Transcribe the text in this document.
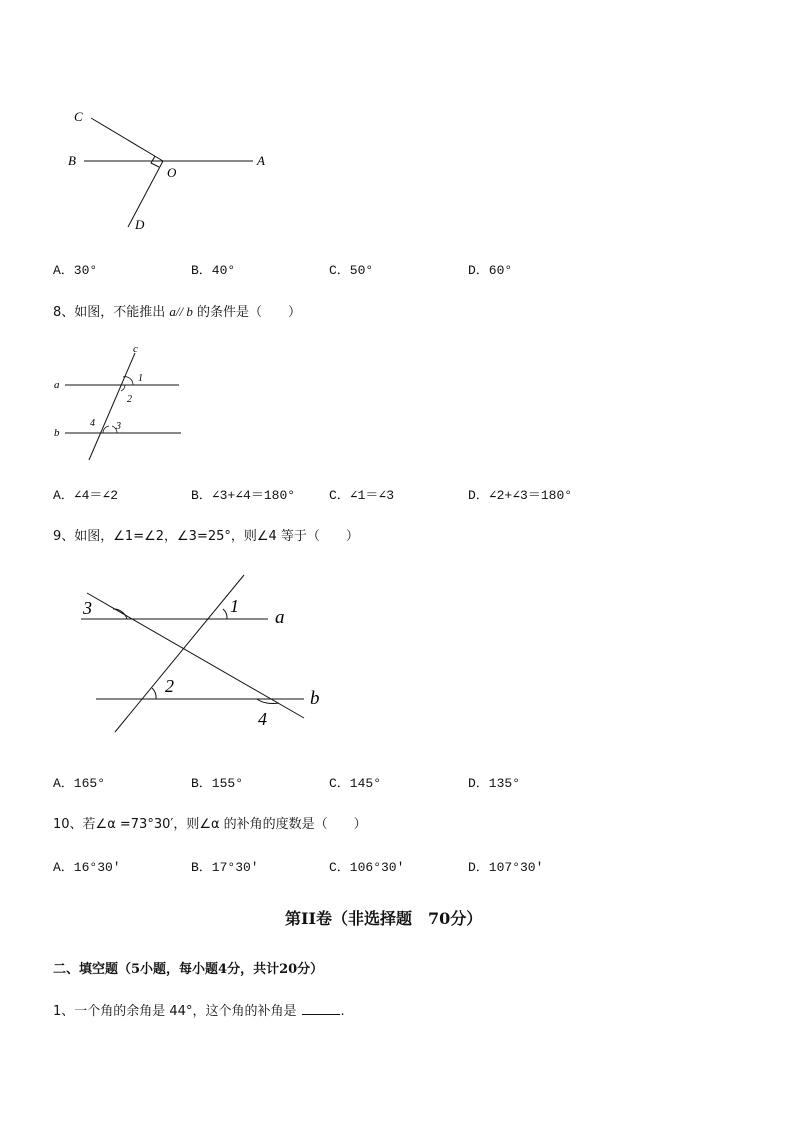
C
B
O
A
D
A．30°	B．40°	C．50°	D．60°
8、如图，不能推出 a// b 的条件是（　　）
c
a
b
1
2
3
4
A．∠4＝∠2	B．∠3+∠4＝180°	C．∠1＝∠3	D．∠2+∠3＝180°
9、如图，∠1=∠2，∠3=25°，则∠4 等于（　　）
1
2
3
4
a
b
A．165°	B．155°	C．145°	D．135°
10、若∠α =73°30′，则∠α 的补角的度数是（　　）
A．16°30′	B．17°30′	C．106°30′	D．107°30′
第II卷（非选择题　70分）
二、填空题（5小题，每小题4分，共计20分）
1、一个角的余角是 44°，这个角的补角是	.
